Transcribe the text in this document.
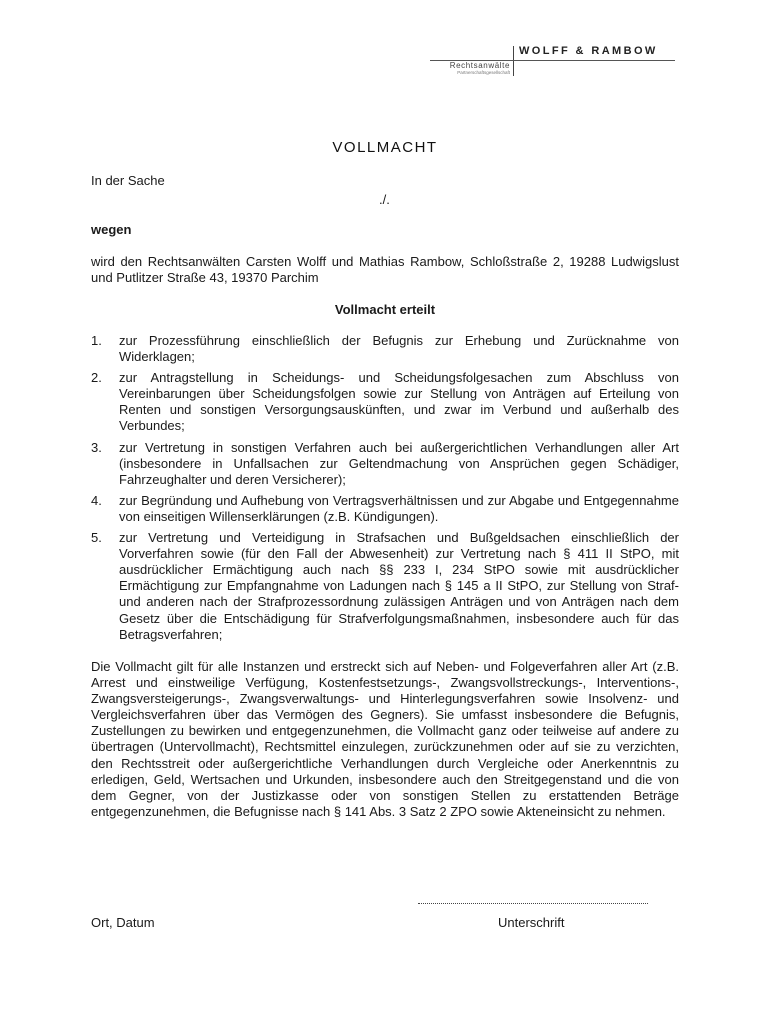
WOLFF & RAMBOW
Rechtsanwälte
Partnerschaftsgesellschaft
VOLLMACHT
In der Sache
./.
wegen
wird den Rechtsanwälten Carsten Wolff und Mathias Rambow, Schloßstraße 2, 19288 Ludwigslust und Putlitzer Straße 43, 19370 Parchim
Vollmacht erteilt
1. zur Prozessführung einschließlich der Befugnis zur Erhebung und Zurücknahme von Widerklagen;
2. zur Antragstellung in Scheidungs- und Scheidungsfolgesachen zum Abschluss von Vereinbarungen über Scheidungsfolgen sowie zur Stellung von Anträgen auf Erteilung von Renten und sonstigen Versorgungsauskünften, und zwar im Verbund und außerhalb des Verbundes;
3. zur Vertretung in sonstigen Verfahren auch bei außergerichtlichen Verhandlungen aller Art (insbesondere in Unfallsachen zur Geltendmachung von Ansprüchen gegen Schädiger, Fahrzeughalter und deren Versicherer);
4. zur Begründung und Aufhebung von Vertragsverhältnissen und zur Abgabe und Entgegennahme von einseitigen Willenserklärungen (z.B. Kündigungen).
5. zur Vertretung und Verteidigung in Strafsachen und Bußgeldsachen einschließlich der Vorverfahren sowie (für den Fall der Abwesenheit) zur Vertretung nach § 411 II StPO, mit ausdrücklicher Ermächtigung auch nach §§ 233 I, 234 StPO sowie mit ausdrücklicher Ermächtigung zur Empfangnahme von Ladungen nach § 145 a II StPO, zur Stellung von Straf- und anderen nach der Strafprozessordnung zulässigen Anträgen und von Anträgen nach dem Gesetz über die Entschädigung für Strafverfolgungsmaßnahmen, insbesondere auch für das Betragsverfahren;
Die Vollmacht gilt für alle Instanzen und erstreckt sich auf Neben- und Folgeverfahren aller Art (z.B. Arrest und einstweilige Verfügung, Kostenfestsetzungs-, Zwangsvollstreckungs-, Interventions-, Zwangsversteigerungs-, Zwangsverwaltungs- und Hinterlegungsverfahren sowie Insolvenz- und Vergleichsverfahren über das Vermögen des Gegners). Sie umfasst insbesondere die Befugnis, Zustellungen zu bewirken und entgegenzunehmen, die Vollmacht ganz oder teilweise auf andere zu übertragen (Untervollmacht), Rechtsmittel einzulegen, zurückzunehmen oder auf sie zu verzichten, den Rechtsstreit oder außergerichtliche Verhandlungen durch Vergleiche oder Anerkenntnis zu erledigen, Geld, Wertsachen und Urkunden, insbesondere auch den Streitgegenstand und die von dem Gegner, von der Justizkasse oder von sonstigen Stellen zu erstattenden Beträge entgegenzunehmen, die Befugnisse nach § 141 Abs. 3 Satz 2 ZPO sowie Akteneinsicht zu nehmen.
Ort, Datum	Unterschrift
